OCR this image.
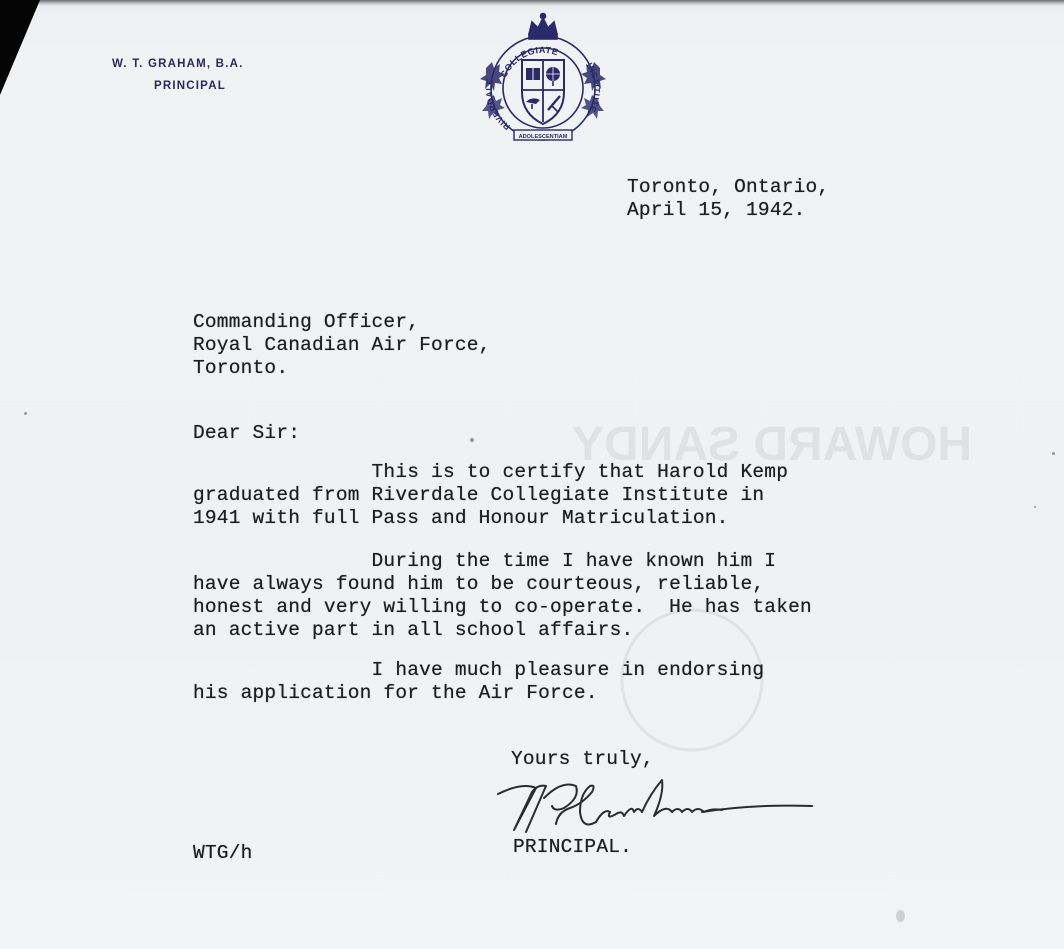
W. T. GRAHAM, B.A.
PRINCIPAL
COLLEGIATE
RIVERDALE
INSTITUTE
ADOLESCENTIAM
HOWARD SANDY
Toronto, Ontario,
April 15, 1942.
Commanding Officer,
Royal Canadian Air Force,
Toronto.
Dear Sir:
This is to certify that Harold Kemp
graduated from Riverdale Collegiate Institute in
1941 with full Pass and Honour Matriculation.
During the time I have known him I
have always found him to be courteous, reliable,
honest and very willing to co-operate.  He has taken
an active part in all school affairs.
I have much pleasure in endorsing
his application for the Air Force.
Yours truly,
PRINCIPAL.
WTG/h
